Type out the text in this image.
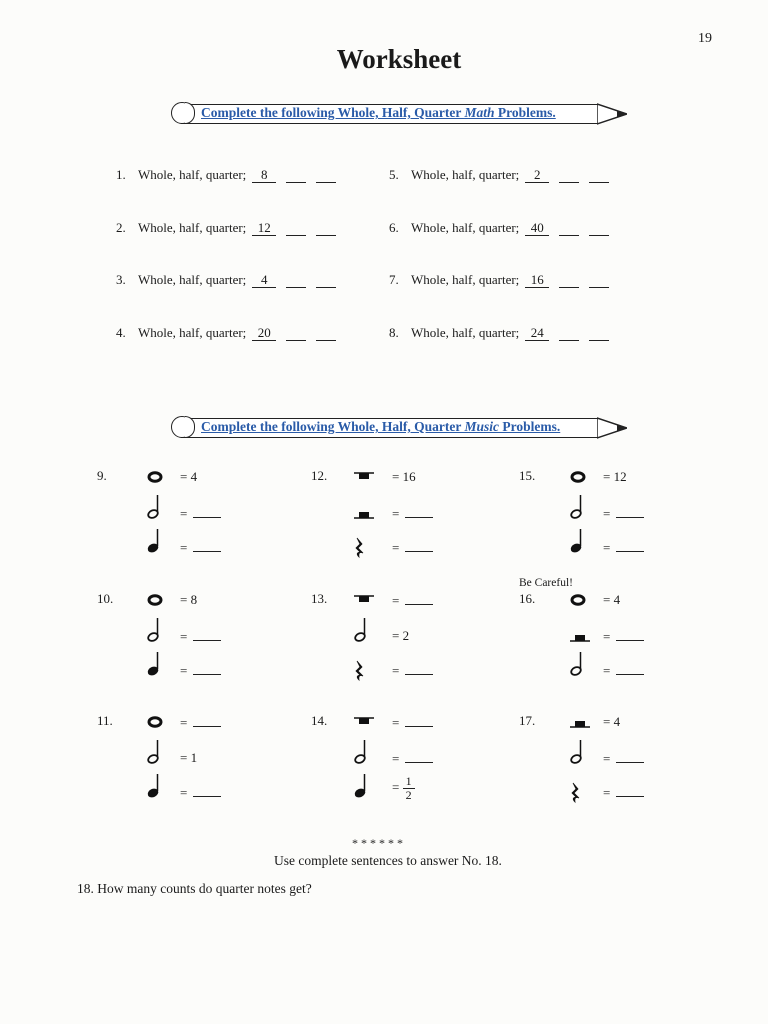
19
Worksheet
Complete the following Whole, Half, Quarter Math Problems.
1. Whole, half, quarter; 8
2. Whole, half, quarter; 12
3. Whole, half, quarter; 4
4. Whole, half, quarter; 20
5. Whole, half, quarter; 2
6. Whole, half, quarter; 40
7. Whole, half, quarter; 16
8. Whole, half, quarter; 24
Complete the following Whole, Half, Quarter Music Problems.
9.	= 4
=
=
10.	= 8
=
=
11.	=
= 1
=
12.	= 16
=
=
13.	=
= 2
=
14.	=
=
= $\frac{1}{2}$
15.	= 12
=
=
16.
Be Careful!
= 4
=
=
17.	= 4
=
=
******
Use complete sentences to answer No. 18.
18. How many counts do quarter notes get?
